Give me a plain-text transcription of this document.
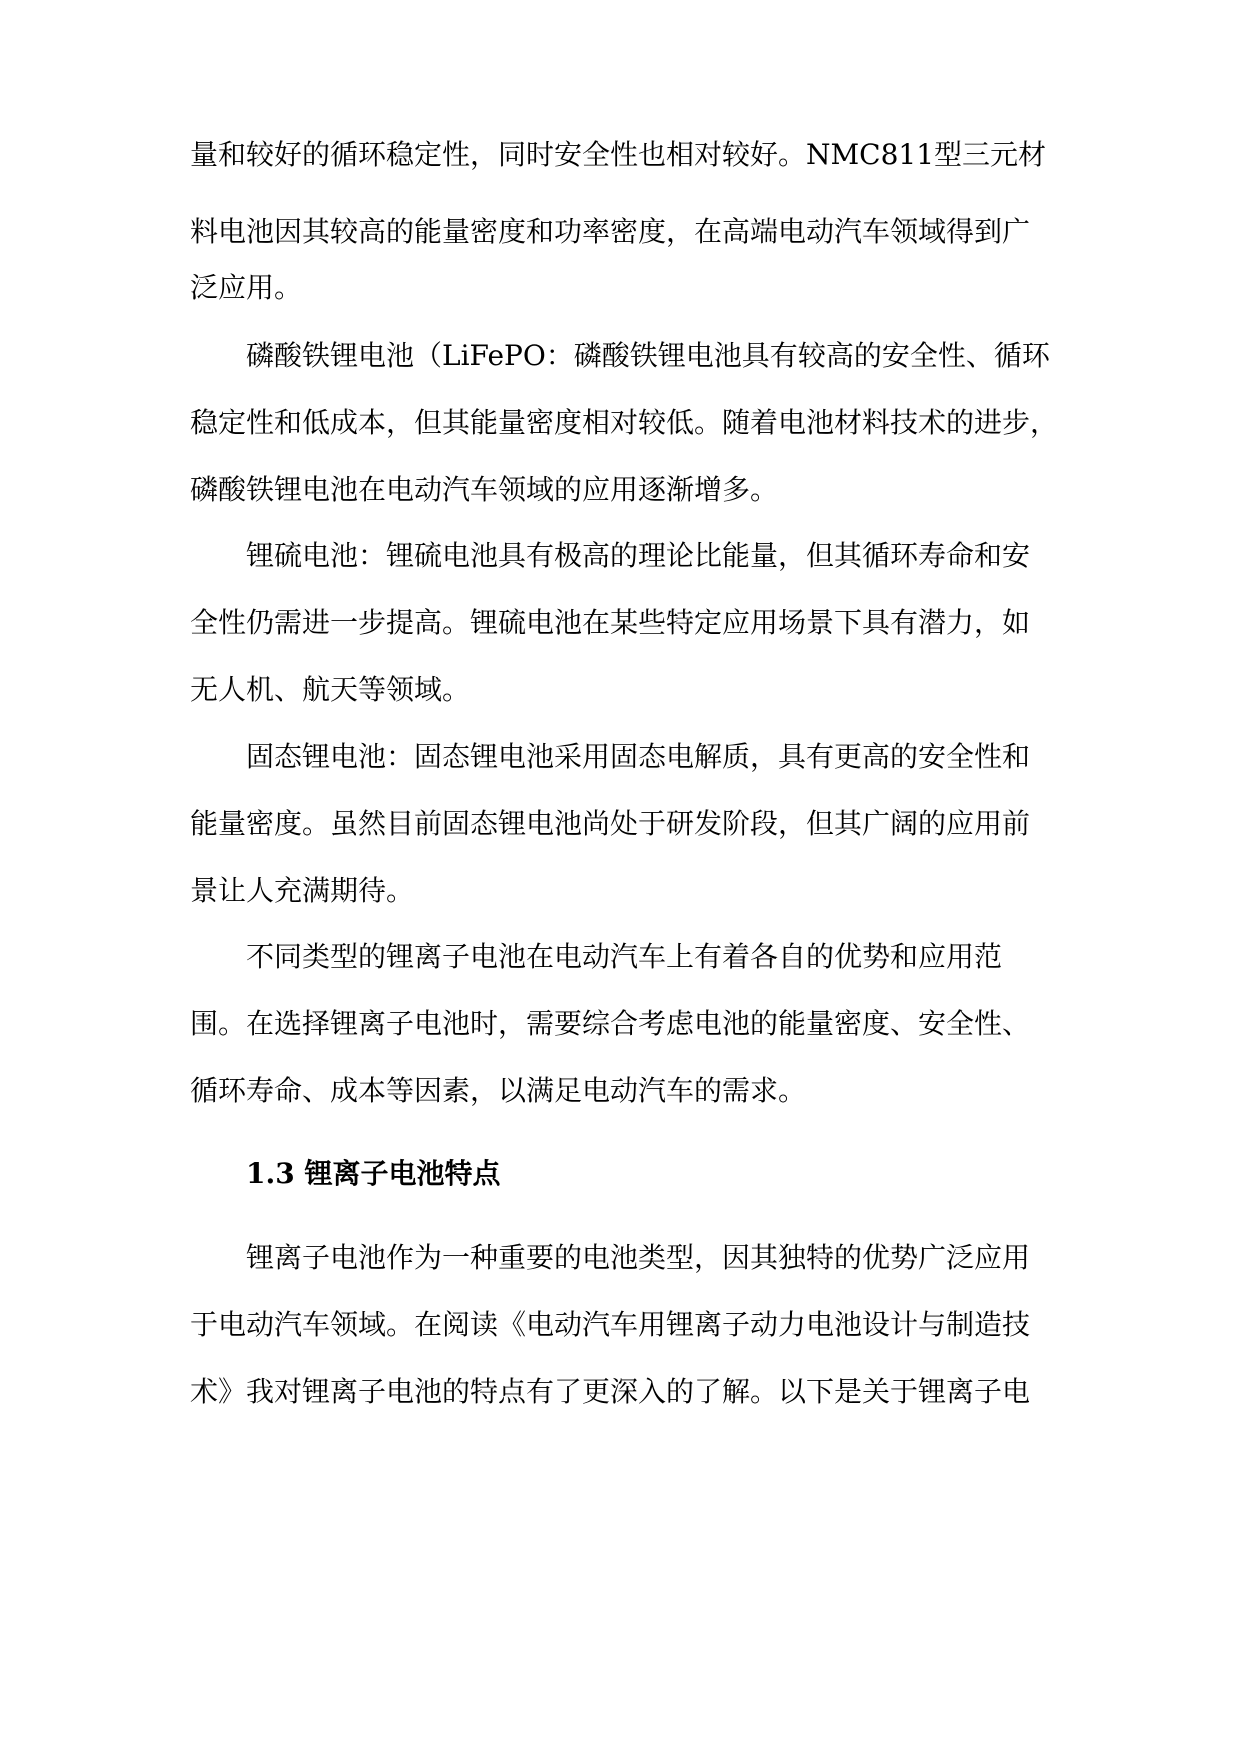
量和较好的循环稳定性，同时安全性也相对较好。NMC811型三元材
料电池因其较高的能量密度和功率密度，在高端电动汽车领域得到广
泛应用。
磷酸铁锂电池（LiFePO：磷酸铁锂电池具有较高的安全性、循环
稳定性和低成本，但其能量密度相对较低。随着电池材料技术的进步，
磷酸铁锂电池在电动汽车领域的应用逐渐增多。
锂硫电池：锂硫电池具有极高的理论比能量，但其循环寿命和安
全性仍需进一步提高。锂硫电池在某些特定应用场景下具有潜力，如
无人机、航天等领域。
固态锂电池：固态锂电池采用固态电解质，具有更高的安全性和
能量密度。虽然目前固态锂电池尚处于研发阶段，但其广阔的应用前
景让人充满期待。
不同类型的锂离子电池在电动汽车上有着各自的优势和应用范
围。在选择锂离子电池时，需要综合考虑电池的能量密度、安全性、
循环寿命、成本等因素，以满足电动汽车的需求。
1.3 锂离子电池特点
锂离子电池作为一种重要的电池类型，因其独特的优势广泛应用
于电动汽车领域。在阅读《电动汽车用锂离子动力电池设计与制造技
术》我对锂离子电池的特点有了更深入的了解。以下是关于锂离子电
